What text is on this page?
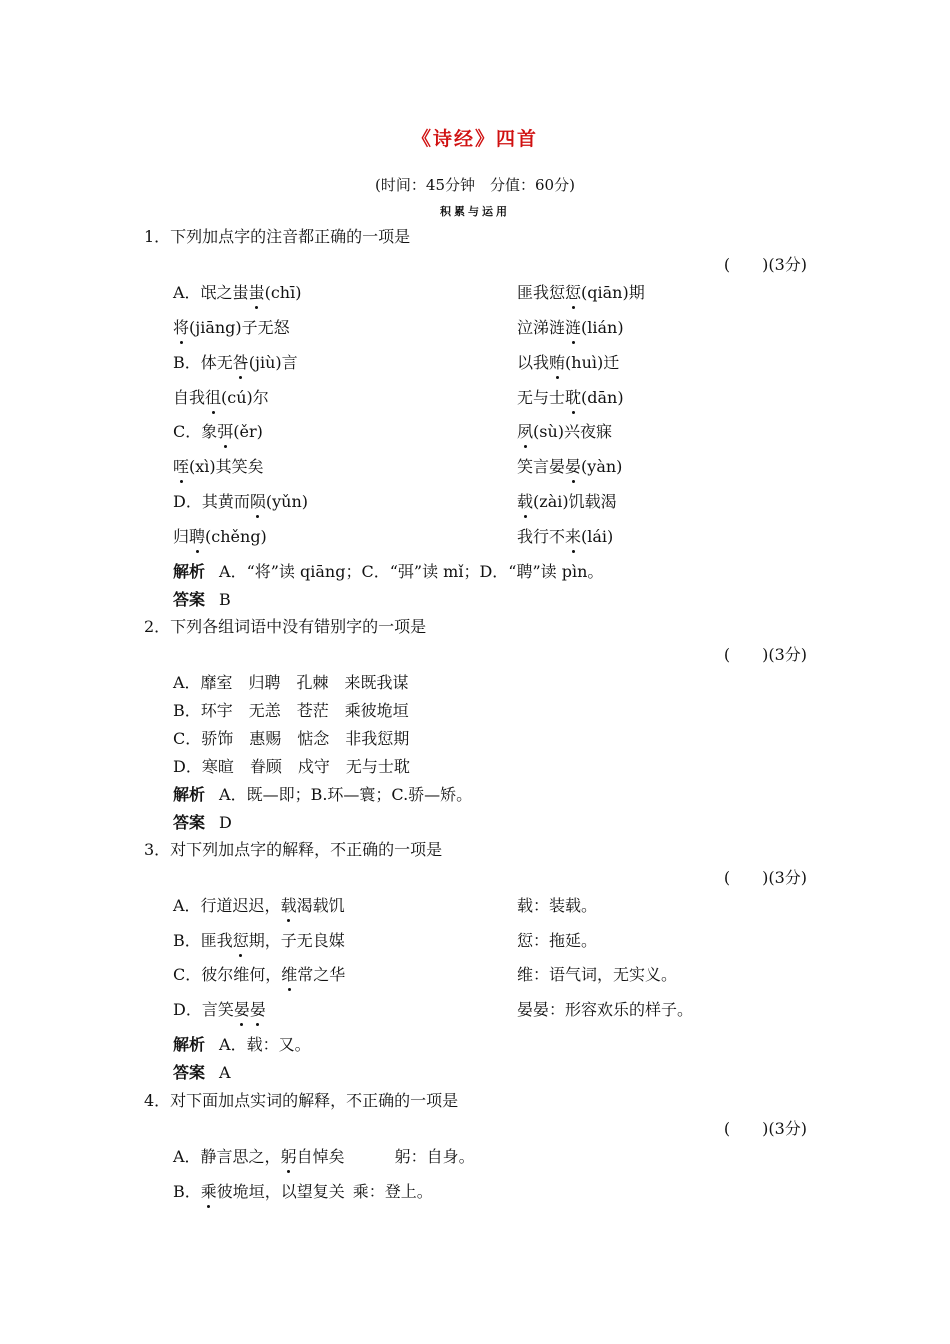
《诗经》四首
(时间：45分钟　分值：60分)
积累与运用
1．下列加点字的注音都正确的一项是
(　　)(3分)
A．氓之蚩蚩(chī)	匪我愆愆(qiān)期
将(jiāng)子无怒	泣涕涟涟(lián)
B．体无咎(jiù)言	以我贿(huì)迁
自我徂(cú)尔	无与士耽(dān)
C．象弭(ěr)	夙(sù)兴夜寐
咥(xì)其笑矣	笑言晏晏(yàn)
D．其黄而陨(yǔn)	载(zài)饥载渴
归聘(chěng)	我行不来(lái)
解析 A．“将”读 qiāng；C．“弭”读 mǐ；D．“聘”读 pìn。
答案 B
2．下列各组词语中没有错别字的一项是
(　　)(3分)
A．靡室　归聘　孔棘　来既我谋
B．环宇　无恙　苍茫　乘彼垝垣
C．骄饰　惠赐　惦念　非我愆期
D．寒暄　眷顾　戍守　无与士耽
解析 A．既—即；B.环—寰；C.骄—矫。
答案 D
3．对下列加点字的解释，不正确的一项是
(　　)(3分)
A．行道迟迟，载渴载饥	载：装载。
B．匪我愆期，子无良媒	愆：拖延。
C．彼尔维何，维常之华	维：语气词，无实义。
D．言笑晏晏	晏晏：形容欢乐的样子。
解析 A．载：又。
答案 A
4．对下面加点实词的解释，不正确的一项是
(　　)(3分)
A．静言思之，躬自悼矣	躬：自身。
B．乘彼垝垣，以望复关 乘：登上。
